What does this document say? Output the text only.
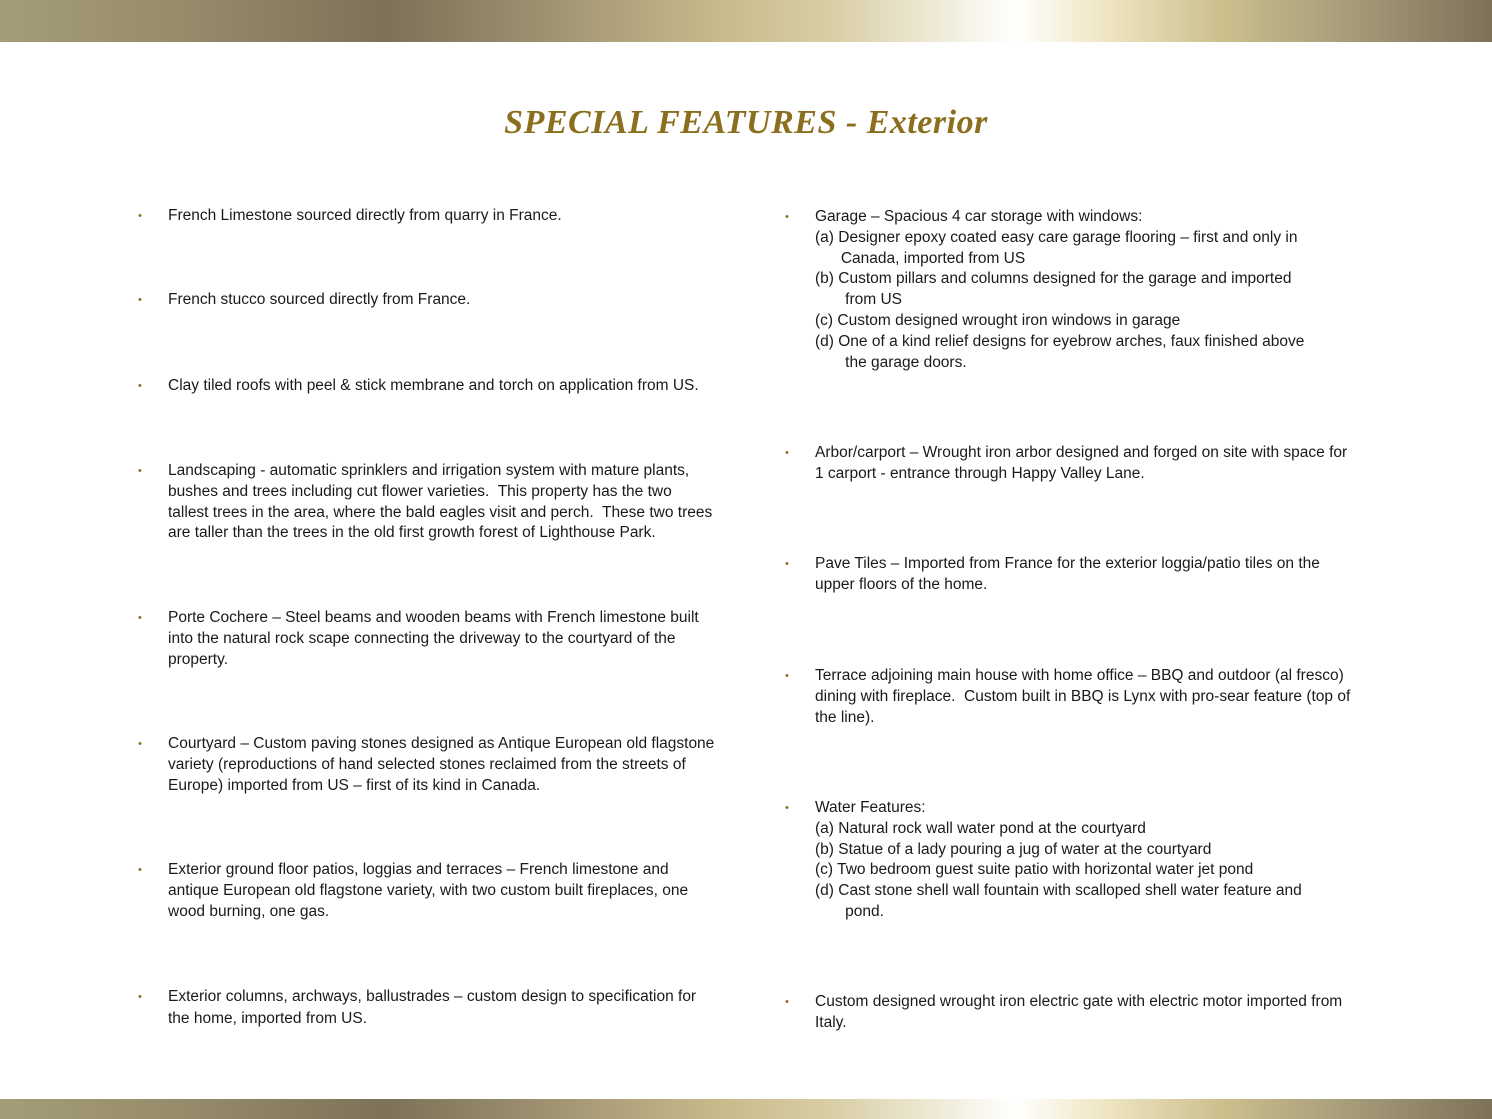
SPECIAL FEATURES - Exterior
• French Limestone sourced directly from quarry in France.
• French stucco sourced directly from France.
• Clay tiled roofs with peel & stick membrane and torch on application from US.
• Landscaping - automatic sprinklers and irrigation system with mature plants,
bushes and trees including cut flower varieties.  This property has the two
tallest trees in the area, where the bald eagles visit and perch.  These two trees
are taller than the trees in the old first growth forest of Lighthouse Park.
• Porte Cochere – Steel beams and wooden beams with French limestone built
into the natural rock scape connecting the driveway to the courtyard of the
property.
• Courtyard – Custom paving stones designed as Antique European old flagstone
variety (reproductions of hand selected stones reclaimed from the streets of
Europe) imported from US – first of its kind in Canada.
• Exterior ground floor patios, loggias and terraces – French limestone and
antique European old flagstone variety, with two custom built fireplaces, one
wood burning, one gas.
• Exterior columns, archways, ballustrades – custom design to specification for
the home, imported from US.
• Garage – Spacious 4 car storage with windows:
(a) Designer epoxy coated easy care garage flooring – first and only in
Canada, imported from US
(b) Custom pillars and columns designed for the garage and imported
from US
(c) Custom designed wrought iron windows in garage
(d) One of a kind relief designs for eyebrow arches, faux finished above
the garage doors.
• Arbor/carport – Wrought iron arbor designed and forged on site with space for
1 carport - entrance through Happy Valley Lane.
• Pave Tiles – Imported from France for the exterior loggia/patio tiles on the
upper floors of the home.
• Terrace adjoining main house with home office – BBQ and outdoor (al fresco)
dining with fireplace.  Custom built in BBQ is Lynx with pro-sear feature (top of
the line).
• Water Features:
(a) Natural rock wall water pond at the courtyard
(b) Statue of a lady pouring a jug of water at the courtyard
(c) Two bedroom guest suite patio with horizontal water jet pond
(d) Cast stone shell wall fountain with scalloped shell water feature and
pond.
• Custom designed wrought iron electric gate with electric motor imported from
Italy.
